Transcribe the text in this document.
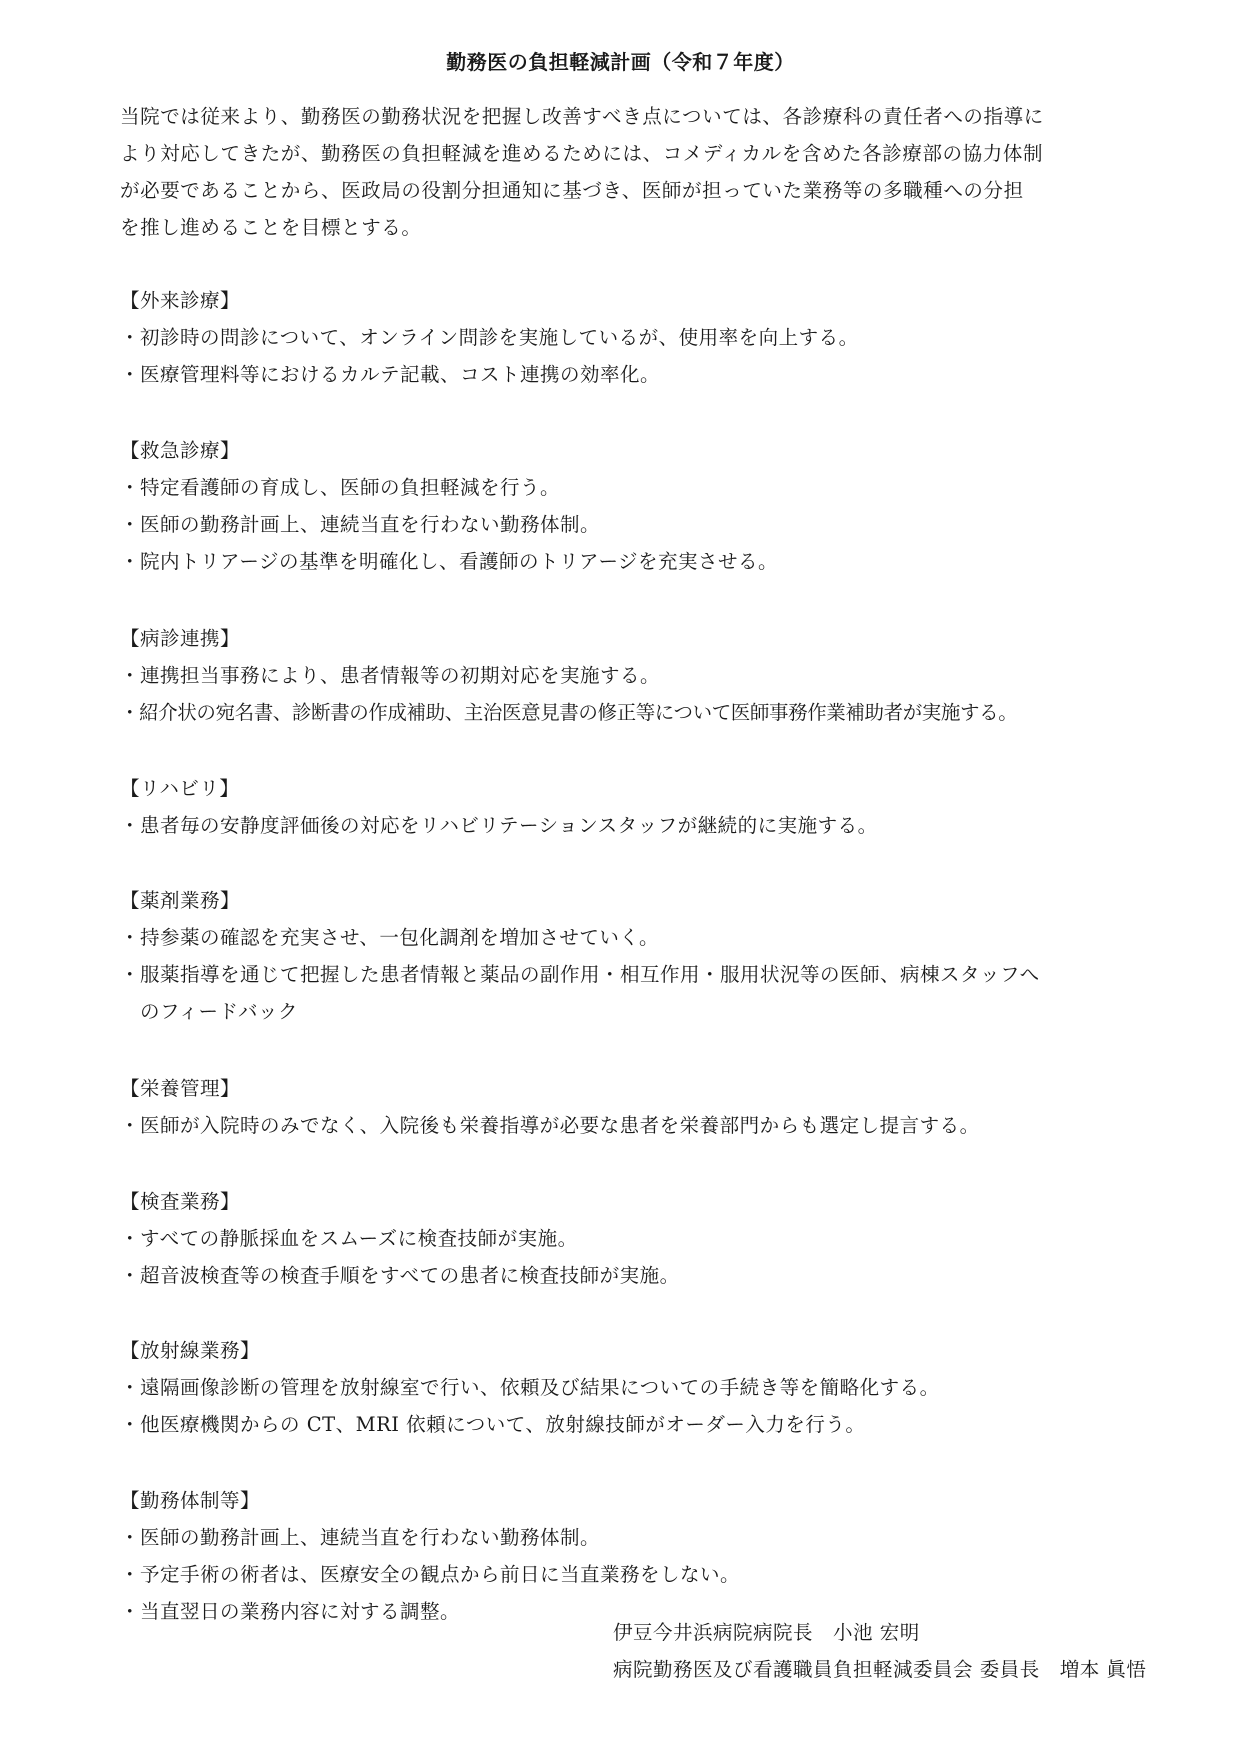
勤務医の負担軽減計画（令和７年度）
当院では従来より、勤務医の勤務状況を把握し改善すべき点については、各診療科の責任者への指導に
より対応してきたが、勤務医の負担軽減を進めるためには、コメディカルを含めた各診療部の協力体制
が必要であることから、医政局の役割分担通知に基づき、医師が担っていた業務等の多職種への分担
を推し進めることを目標とする。
【外来診療】
・初診時の問診について、オンライン問診を実施しているが、使用率を向上する。
・医療管理料等におけるカルテ記載、コスト連携の効率化。
【救急診療】
・特定看護師の育成し、医師の負担軽減を行う。
・医師の勤務計画上、連続当直を行わない勤務体制。
・院内トリアージの基準を明確化し、看護師のトリアージを充実させる。
【病診連携】
・連携担当事務により、患者情報等の初期対応を実施する。
・紹介状の宛名書、診断書の作成補助、主治医意見書の修正等について医師事務作業補助者が実施する。
【リハビリ】
・患者毎の安静度評価後の対応をリハビリテーションスタッフが継続的に実施する。
【薬剤業務】
・持参薬の確認を充実させ、一包化調剤を増加させていく。
・服薬指導を通じて把握した患者情報と薬品の副作用・相互作用・服用状況等の医師、病棟スタッフへ
のフィードバック
【栄養管理】
・医師が入院時のみでなく、入院後も栄養指導が必要な患者を栄養部門からも選定し提言する。
【検査業務】
・すべての静脈採血をスムーズに検査技師が実施。
・超音波検査等の検査手順をすべての患者に検査技師が実施。
【放射線業務】
・遠隔画像診断の管理を放射線室で行い、依頼及び結果についての手続き等を簡略化する。
・他医療機関からの CT、MRI 依頼について、放射線技師がオーダー入力を行う。
【勤務体制等】
・医師の勤務計画上、連続当直を行わない勤務体制。
・予定手術の術者は、医療安全の観点から前日に当直業務をしない。
・当直翌日の業務内容に対する調整。
伊豆今井浜病院病院長　小池 宏明
病院勤務医及び看護職員負担軽減委員会 委員長　増本 眞悟
